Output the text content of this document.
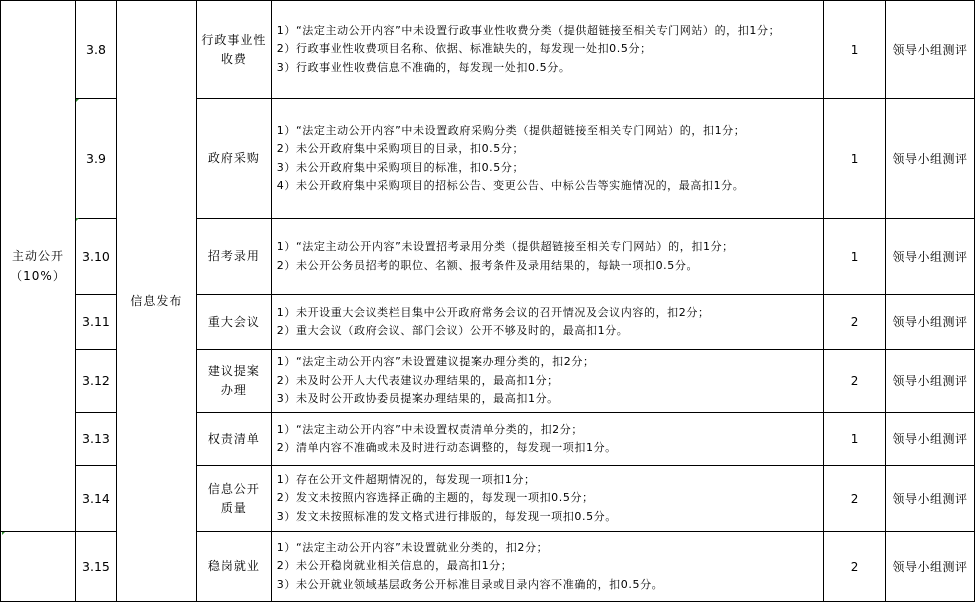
主动公开
（10%）	3.8	信息发布	行政事业性
收费	1）“法定主动公开内容”中未设置行政事业性收费分类（提供超链接至相关专门网站）的，扣1分；
2）行政事业性收费项目名称、依据、标准缺失的，每发现一处扣0.5分；
3）行政事业性收费信息不准确的，每发现一处扣0.5分。	1	领导小组测评
	3.9		政府采购	1）“法定主动公开内容”中未设置政府采购分类（提供超链接至相关专门网站）的，扣1分；
2）未公开政府集中采购项目的目录，扣0.5分；
3）未公开政府集中采购项目的标准，扣0.5分；
4）未公开政府集中采购项目的招标公告、变更公告、中标公告等实施情况的，最高扣1分。	1	领导小组测评
	3.10		招考录用	1）“法定主动公开内容”未设置招考录用分类（提供超链接至相关专门网站）的，扣1分；
2）未公开公务员招考的职位、名额、报考条件及录用结果的，每缺一项扣0.5分。	1	领导小组测评
	3.11		重大会议	1）未开设重大会议类栏目集中公开政府常务会议的召开情况及会议内容的，扣2分；
2）重大会议（政府会议、部门会议）公开不够及时的，最高扣1分。	2	领导小组测评
	3.12		建议提案
办理	1）“法定主动公开内容”未设置建议提案办理分类的，扣2分；
2）未及时公开人大代表建议办理结果的，最高扣1分；
3）未及时公开政协委员提案办理结果的，最高扣1分。	2	领导小组测评
	3.13		权责清单	1）“法定主动公开内容”中未设置权责清单分类的，扣2分；
2）清单内容不准确或未及时进行动态调整的，每发现一项扣1分。	1	领导小组测评
	3.14		信息公开
质量	1）存在公开文件超期情况的，每发现一项扣1分；
2）发文未按照内容选择正确的主题的，每发现一项扣0.5分；
3）发文未按照标准的发文格式进行排版的，每发现一项扣0.5分。	2	领导小组测评
	3.15		稳岗就业	1）“法定主动公开内容”未设置就业分类的，扣2分；
2）未公开稳岗就业相关信息的，最高扣1分；
3）未公开就业领域基层政务公开标准目录或目录内容不准确的，扣0.5分。	2	领导小组测评
